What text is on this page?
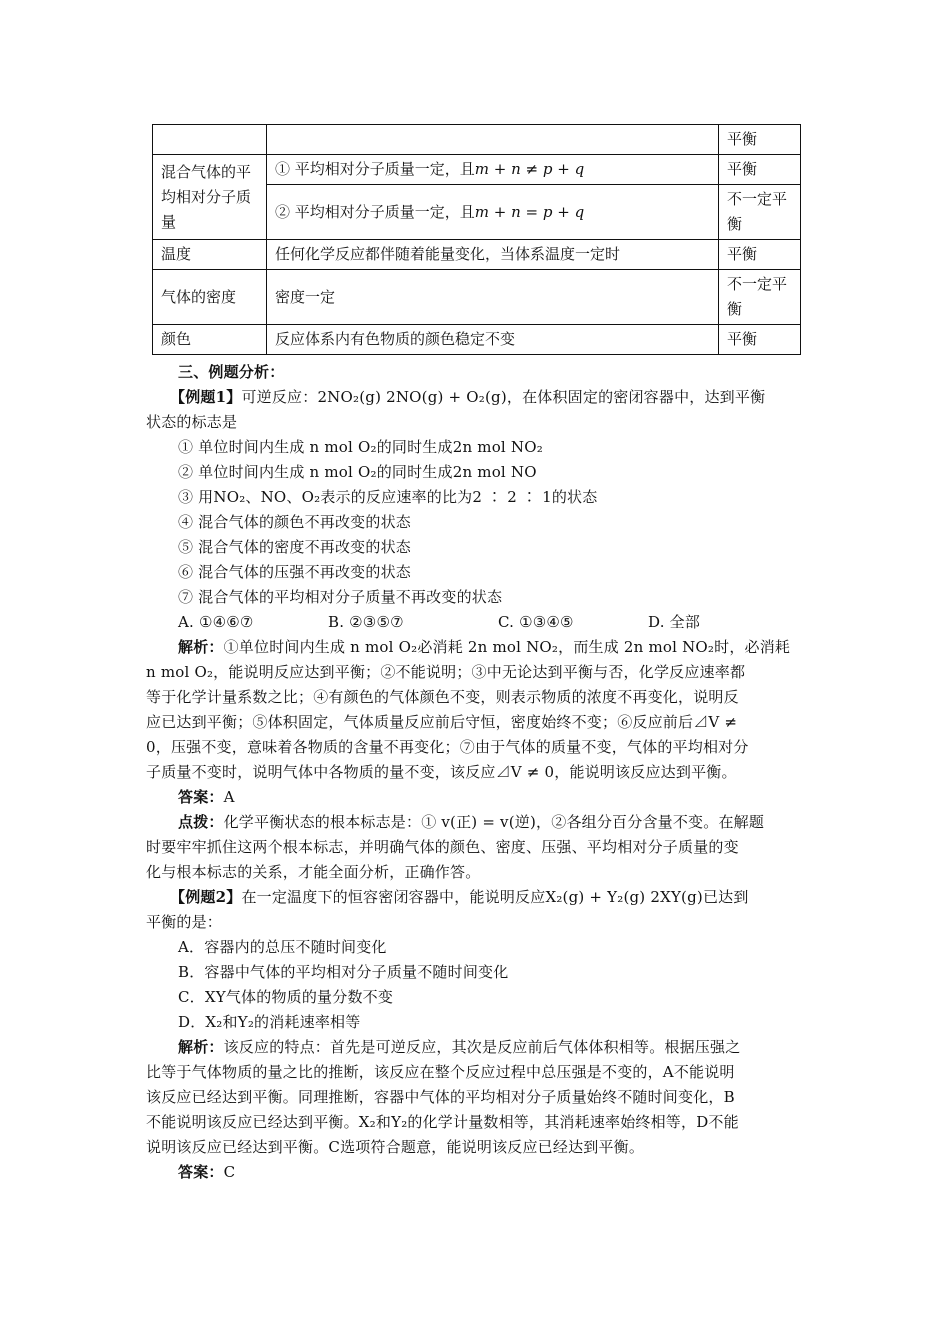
		平衡
混合气体的平均相对分子质量	① 平均相对分子质量一定，且m + n ≠ p + q	平衡
	② 平均相对分子质量一定，且m + n = p + q	不一定平衡
温度	任何化学反应都伴随着能量变化，当体系温度一定时	平衡
气体的密度	密度一定	不一定平衡
颜色	反应体系内有色物质的颜色稳定不变	平衡
三、例题分析：
【例题1】可逆反应：2NO₂(g) 2NO(g) + O₂(g)，在体积固定的密闭容器中，达到平衡
状态的标志是
① 单位时间内生成 n mol O₂的同时生成2n mol NO₂
② 单位时间内生成 n mol O₂的同时生成2n mol NO
③ 用NO₂、NO、O₂表示的反应速率的比为2 ∶ 2 ∶ 1的状态
④ 混合气体的颜色不再改变的状态
⑤ 混合气体的密度不再改变的状态
⑥ 混合气体的压强不再改变的状态
⑦ 混合气体的平均相对分子质量不再改变的状态
A. ①④⑥⑦	B. ②③⑤⑦	C. ①③④⑤	D. 全部
解析：①单位时间内生成 n mol O₂必消耗 2n mol NO₂，而生成 2n mol NO₂时，必消耗
n mol O₂，能说明反应达到平衡；②不能说明；③中无论达到平衡与否，化学反应速率都
等于化学计量系数之比；④有颜色的气体颜色不变，则表示物质的浓度不再变化，说明反
应已达到平衡；⑤体积固定，气体质量反应前后守恒，密度始终不变；⑥反应前后⊿V ≠
0，压强不变，意味着各物质的含量不再变化；⑦由于气体的质量不变，气体的平均相对分
子质量不变时，说明气体中各物质的量不变，该反应⊿V ≠ 0，能说明该反应达到平衡。
答案：A
点拨：化学平衡状态的根本标志是：① v(正) = v(逆)，②各组分百分含量不变。在解题
时要牢牢抓住这两个根本标志，并明确气体的颜色、密度、压强、平均相对分子质量的变
化与根本标志的关系，才能全面分析，正确作答。
【例题2】在一定温度下的恒容密闭容器中，能说明反应X₂(g) + Y₂(g) 2XY(g)已达到
平衡的是：
A．容器内的总压不随时间变化
B．容器中气体的平均相对分子质量不随时间变化
C．XY气体的物质的量分数不变
D．X₂和Y₂的消耗速率相等
解析：该反应的特点：首先是可逆反应，其次是反应前后气体体积相等。根据压强之
比等于气体物质的量之比的推断，该反应在整个反应过程中总压强是不变的，A不能说明
该反应已经达到平衡。同理推断，容器中气体的平均相对分子质量始终不随时间变化，B
不能说明该反应已经达到平衡。X₂和Y₂的化学计量数相等，其消耗速率始终相等，D不能
说明该反应已经达到平衡。C选项符合题意，能说明该反应已经达到平衡。
答案：C
